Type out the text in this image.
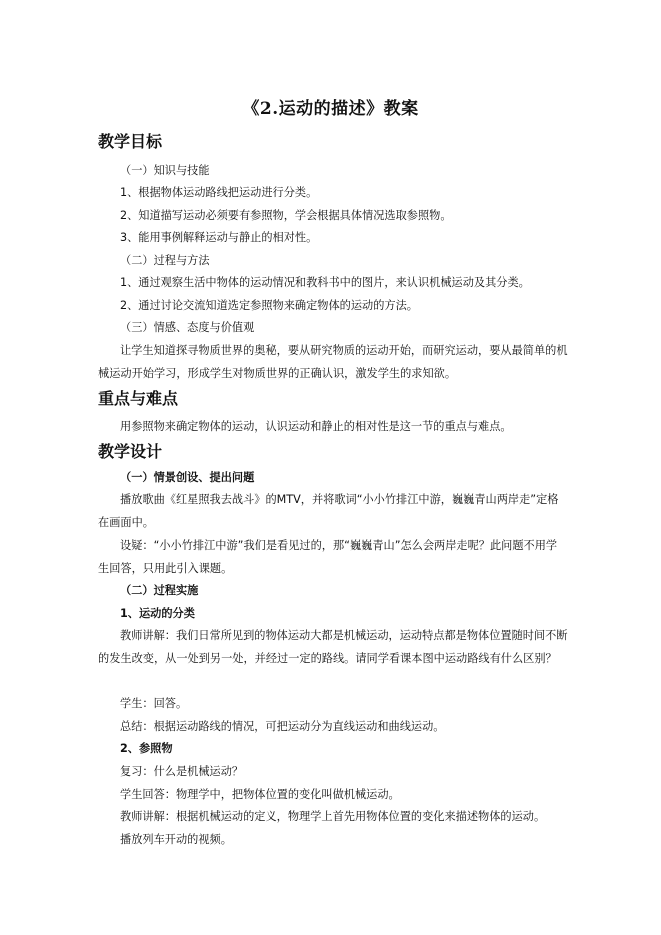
《2.运动的描述》教案
教学目标

（一）知识与技能

1、根据物体运动路线把运动进行分类。

2、知道描写运动必须要有参照物，学会根据具体情况选取参照物。

3、能用事例解释运动与静止的相对性。

（二）过程与方法

1、通过观察生活中物体的运动情况和教科书中的图片，来认识机械运动及其分类。

2、通过讨论交流知道选定参照物来确定物体的运动的方法。

（三）情感、态度与价值观

让学生知道探寻物质世界的奥秘，要从研究物质的运动开始，而研究运动，要从最简单的机械运动开始学习，形成学生对物质世界的正确认识，激发学生的求知欲。

重点与难点

用参照物来确定物体的运动，认识运动和静止的相对性是这一节的重点与难点。

教学设计

（一）情景创设、提出问题

播放歌曲《红星照我去战斗》的MTV，并将歌词“小小竹排江中游，巍巍青山两岸走”定格在画面中。

设疑：“小小竹排江中游”我们是看见过的，那“巍巍青山”怎么会两岸走呢？此问题不用学生回答，只用此引入课题。

（二）过程实施

1、运动的分类

教师讲解：我们日常所见到的物体运动大都是机械运动，运动特点都是物体位置随时间不断的发生改变，从一处到另一处，并经过一定的路线。请同学看课本图中运动路线有什么区别？

学生：回答。

总结：根据运动路线的情况，可把运动分为直线运动和曲线运动。

2、参照物

复习：什么是机械运动？

学生回答：物理学中，把物体位置的变化叫做机械运动。

教师讲解：根据机械运动的定义，物理学上首先用物体位置的变化来描述物体的运动。

播放列车开动的视频。
